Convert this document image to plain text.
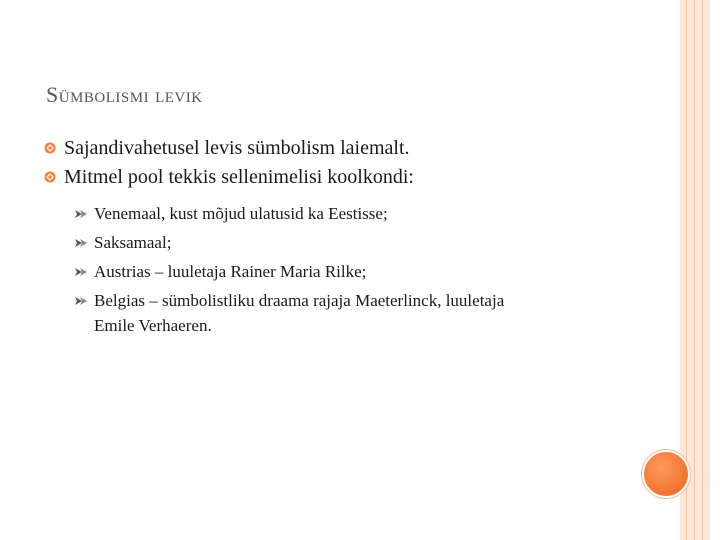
Sümbolismi levik
Sajandivahetusel levis sümbolism laiemalt.
Mitmel pool tekkis sellenimelisi koolkondi:
Venemaal, kust mõjud ulatusid ka Eestisse;
Saksamaal;
Austrias – luuletaja Rainer Maria Rilke;
Belgias – sümbolistliku draama rajaja Maeterlinck, luuletaja
Emile Verhaeren.
